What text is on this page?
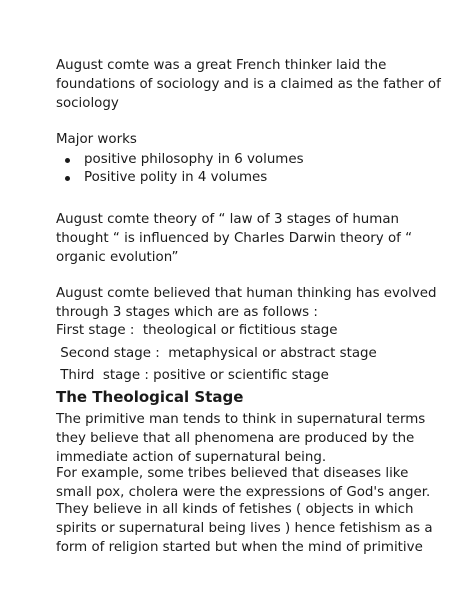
August comte was a great French thinker laid the
foundations of sociology and is a claimed as the father of
sociology
Major works
positive philosophy in 6 volumes
Positive polity in 4 volumes
August comte theory of “ law of 3 stages of human
thought “ is influenced by Charles Darwin theory of “
organic evolution”
August comte believed that human thinking has evolved
through 3 stages which are as follows :
First stage :  theological or fictitious stage
Second stage :  metaphysical or abstract stage
Third  stage : positive or scientific stage
The Theological Stage
The primitive man tends to think in supernatural terms
they believe that all phenomena are produced by the
immediate action of supernatural being.
For example, some tribes believed that diseases like
small pox, cholera were the expressions of God's anger.
They believe in all kinds of fetishes ( objects in which
spirits or supernatural being lives ) hence fetishism as a
form of religion started but when the mind of primitive
